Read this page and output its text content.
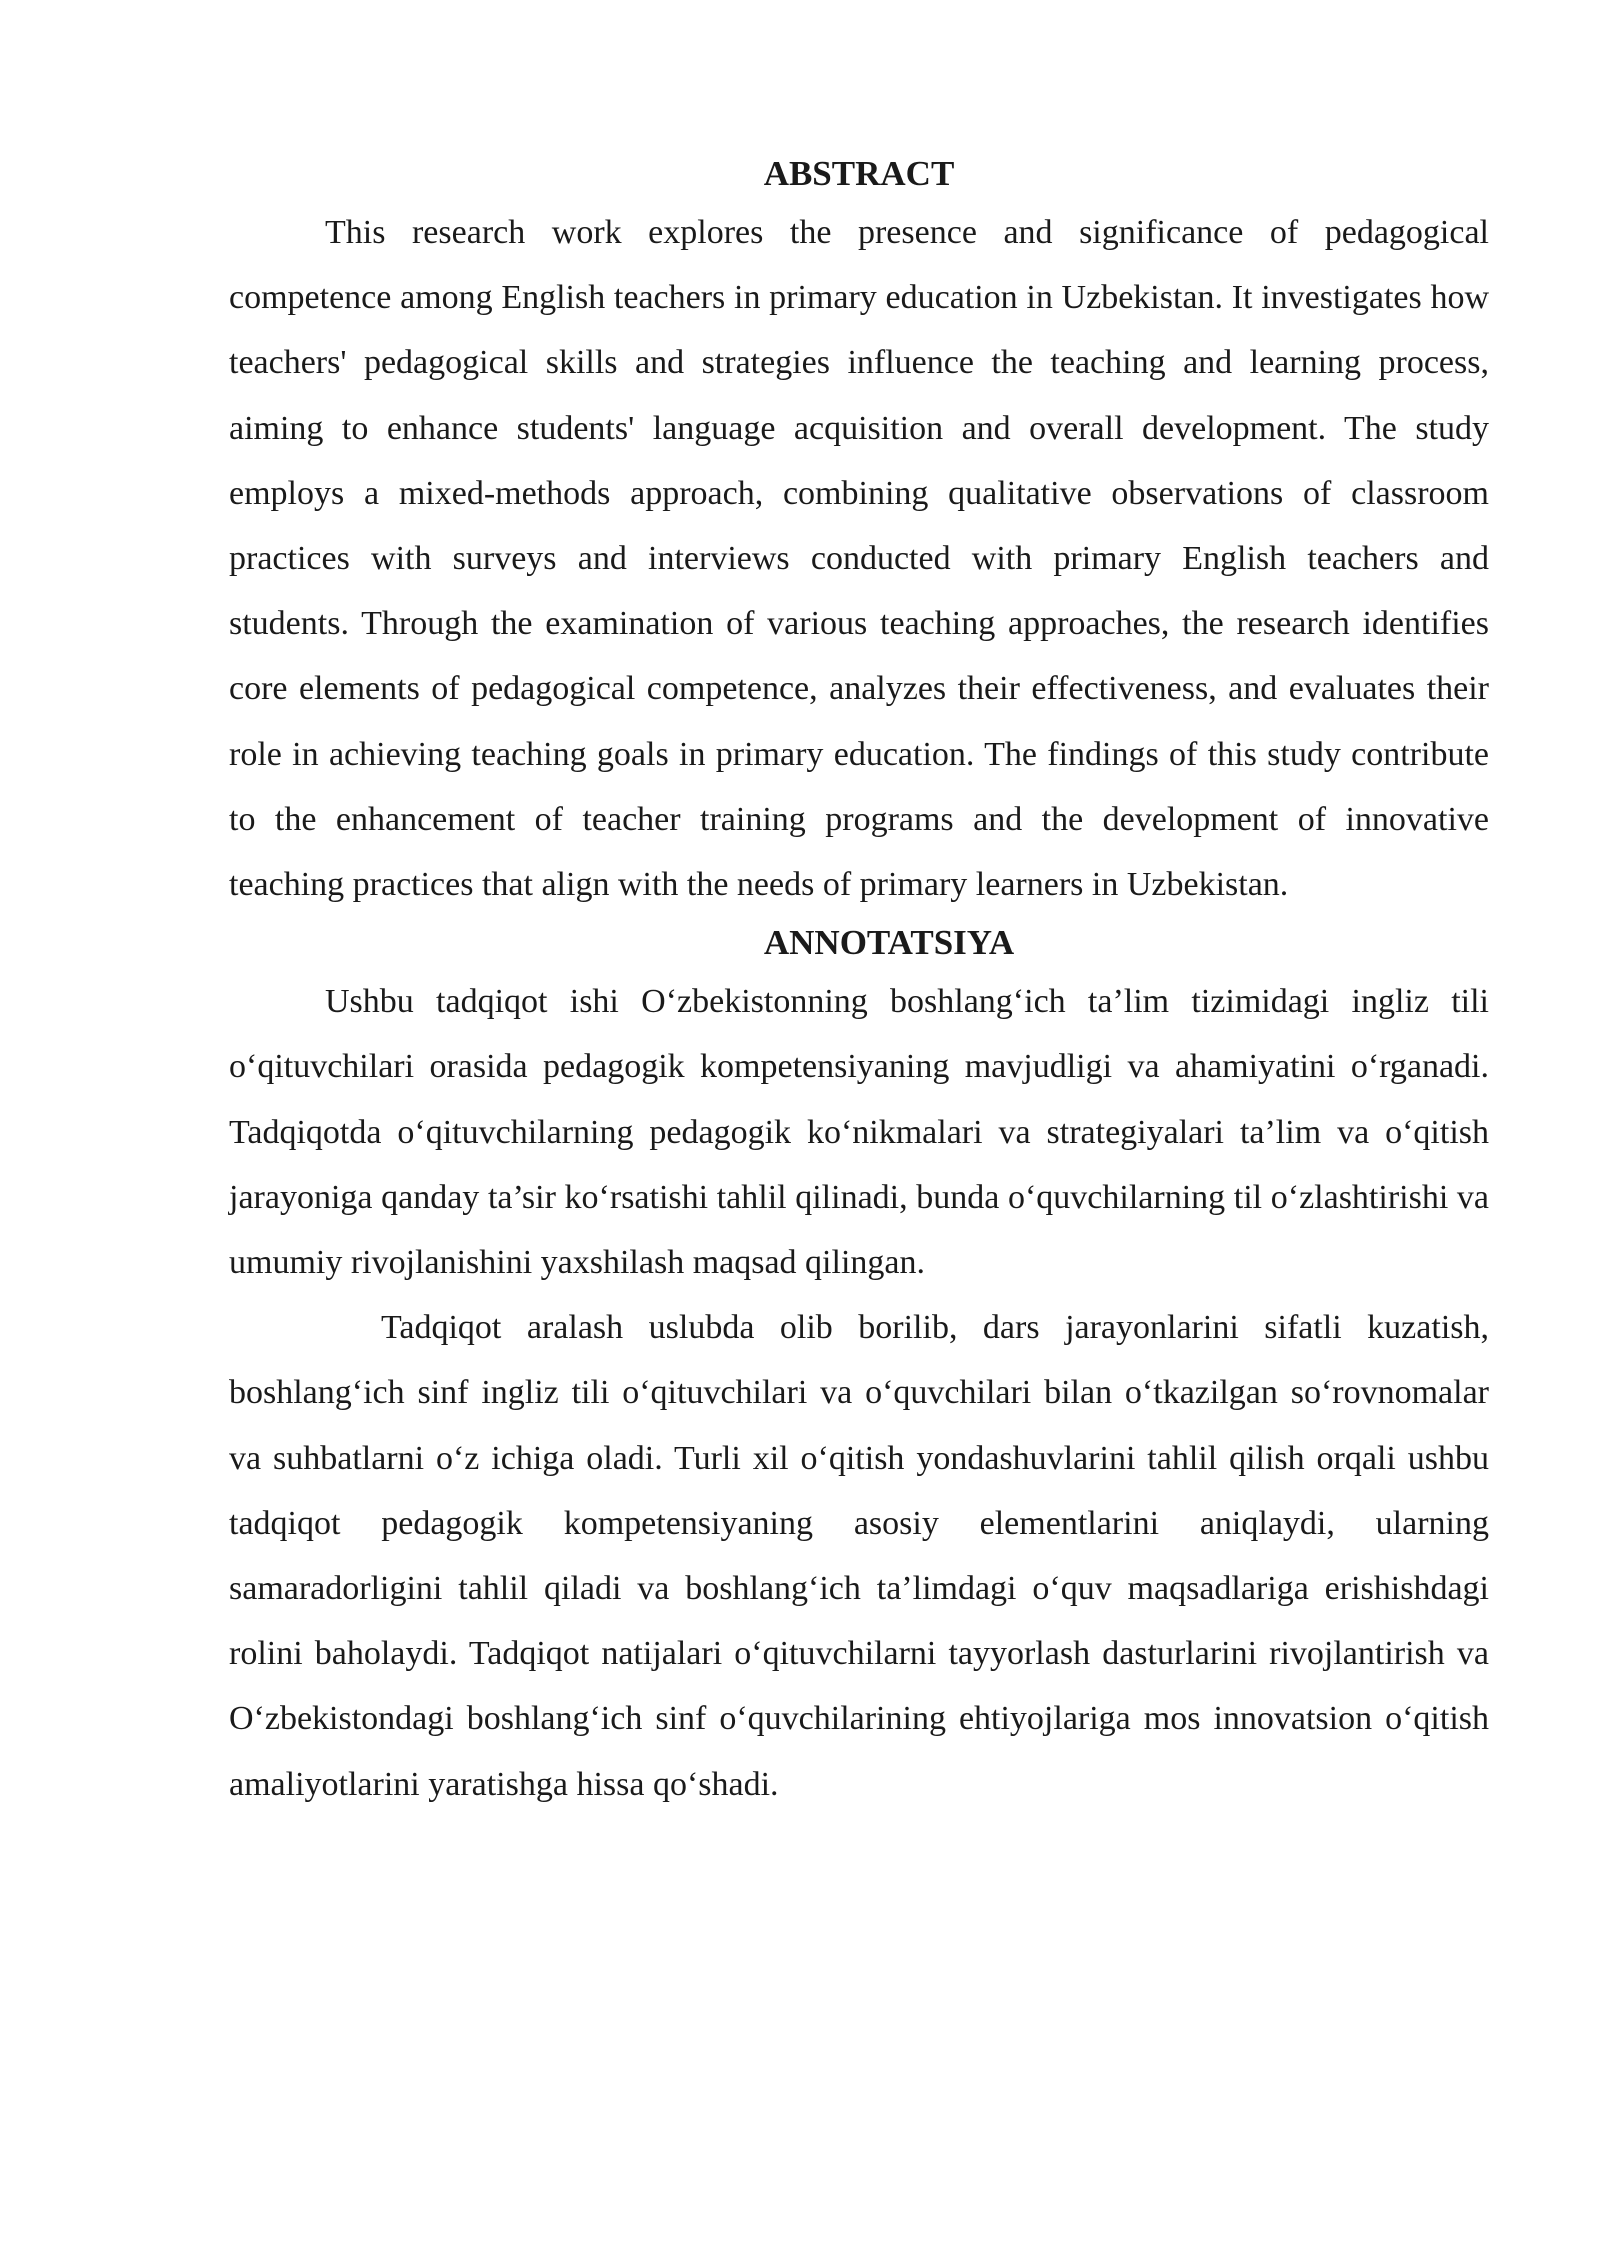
ABSTRACT

This research work explores the presence and significance of pedagogical competence among English teachers in primary education in Uzbekistan. It investigates how teachers' pedagogical skills and strategies influence the teaching and learning process, aiming to enhance students' language acquisition and overall development. The study employs a mixed-methods approach, combining qualitative observations of classroom practices with surveys and interviews conducted with primary English teachers and students. Through the examination of various teaching approaches, the research identifies core elements of pedagogical competence, analyzes their effectiveness, and evaluates their role in achieving teaching goals in primary education. The findings of this study contribute to the enhancement of teacher training programs and the development of innovative teaching practices that align with the needs of primary learners in Uzbekistan.

ANNOTATSIYA

Ushbu tadqiqot ishi O‘zbekistonning boshlang‘ich ta’lim tizimidagi ingliz tili o‘qituvchilari orasida pedagogik kompetensiyaning mavjudligi va ahamiyatini o‘rganadi. Tadqiqotda o‘qituvchilarning pedagogik ko‘nikmalari va strategiyalari ta’lim va o‘qitish jarayoniga qanday ta’sir ko‘rsatishi tahlil qilinadi, bunda o‘quvchilarning til o‘zlashtirishi va umumiy rivojlanishini yaxshilash maqsad qilingan.

Tadqiqot aralash uslubda olib borilib, dars jarayonlarini sifatli kuzatish, boshlang‘ich sinf ingliz tili o‘qituvchilari va o‘quvchilari bilan o‘tkazilgan so‘rovnomalar va suhbatlarni o‘z ichiga oladi. Turli xil o‘qitish yondashuvlarini tahlil qilish orqali ushbu tadqiqot pedagogik kompetensiyaning asosiy elementlarini aniqlaydi, ularning samaradorligini tahlil qiladi va boshlang‘ich ta’limdagi o‘quv maqsadlariga erishishdagi rolini baholaydi. Tadqiqot natijalari o‘qituvchilarni tayyorlash dasturlarini rivojlantirish va O‘zbekistondagi boshlang‘ich sinf o‘quvchilarining ehtiyojlariga mos innovatsion o‘qitish amaliyotlarini yaratishga hissa qo‘shadi.
